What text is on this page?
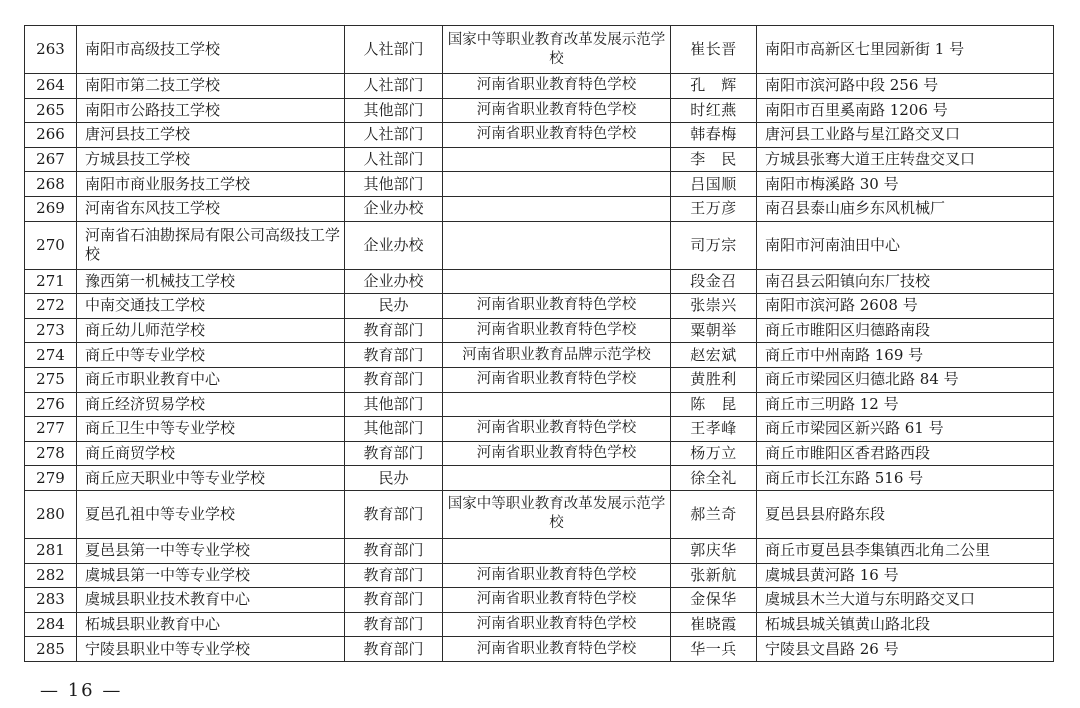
263	南阳市高级技工学校	人社部门	国家中等职业教育改革发展示范学校	崔长晋	南阳市高新区七里园新街 1 号
264	南阳市第二技工学校	人社部门	河南省职业教育特色学校	孔　辉	南阳市滨河路中段 256 号
265	南阳市公路技工学校	其他部门	河南省职业教育特色学校	时红燕	南阳市百里奚南路 1206 号
266	唐河县技工学校	人社部门	河南省职业教育特色学校	韩春梅	唐河县工业路与星江路交叉口
267	方城县技工学校	人社部门		李　民	方城县张骞大道王庄转盘交叉口
268	南阳市商业服务技工学校	其他部门		吕国顺	南阳市梅溪路 30 号
269	河南省东风技工学校	企业办校		王万彦	南召县泰山庙乡东风机械厂
270	河南省石油勘探局有限公司高级技工学校	企业办校		司万宗	南阳市河南油田中心
271	豫西第一机械技工学校	企业办校		段金召	南召县云阳镇向东厂技校
272	中南交通技工学校	民办	河南省职业教育特色学校	张崇兴	南阳市滨河路 2608 号
273	商丘幼儿师范学校	教育部门	河南省职业教育特色学校	粟朝举	商丘市睢阳区归德路南段
274	商丘中等专业学校	教育部门	河南省职业教育品牌示范学校	赵宏斌	商丘市中州南路 169 号
275	商丘市职业教育中心	教育部门	河南省职业教育特色学校	黄胜利	商丘市梁园区归德北路 84 号
276	商丘经济贸易学校	其他部门		陈　昆	商丘市三明路 12 号
277	商丘卫生中等专业学校	其他部门	河南省职业教育特色学校	王孝峰	商丘市梁园区新兴路 61 号
278	商丘商贸学校	教育部门	河南省职业教育特色学校	杨万立	商丘市睢阳区香君路西段
279	商丘应天职业中等专业学校	民办		徐全礼	商丘市长江东路 516 号
280	夏邑孔祖中等专业学校	教育部门	国家中等职业教育改革发展示范学校	郝兰奇	夏邑县县府路东段
281	夏邑县第一中等专业学校	教育部门		郭庆华	商丘市夏邑县李集镇西北角二公里
282	虞城县第一中等专业学校	教育部门	河南省职业教育特色学校	张新航	虞城县黄河路 16 号
283	虞城县职业技术教育中心	教育部门	河南省职业教育特色学校	金保华	虞城县木兰大道与东明路交叉口
284	柘城县职业教育中心	教育部门	河南省职业教育特色学校	崔晓霞	柘城县城关镇黄山路北段
285	宁陵县职业中等专业学校	教育部门	河南省职业教育特色学校	华一兵	宁陵县文昌路 26 号
— 16 —
